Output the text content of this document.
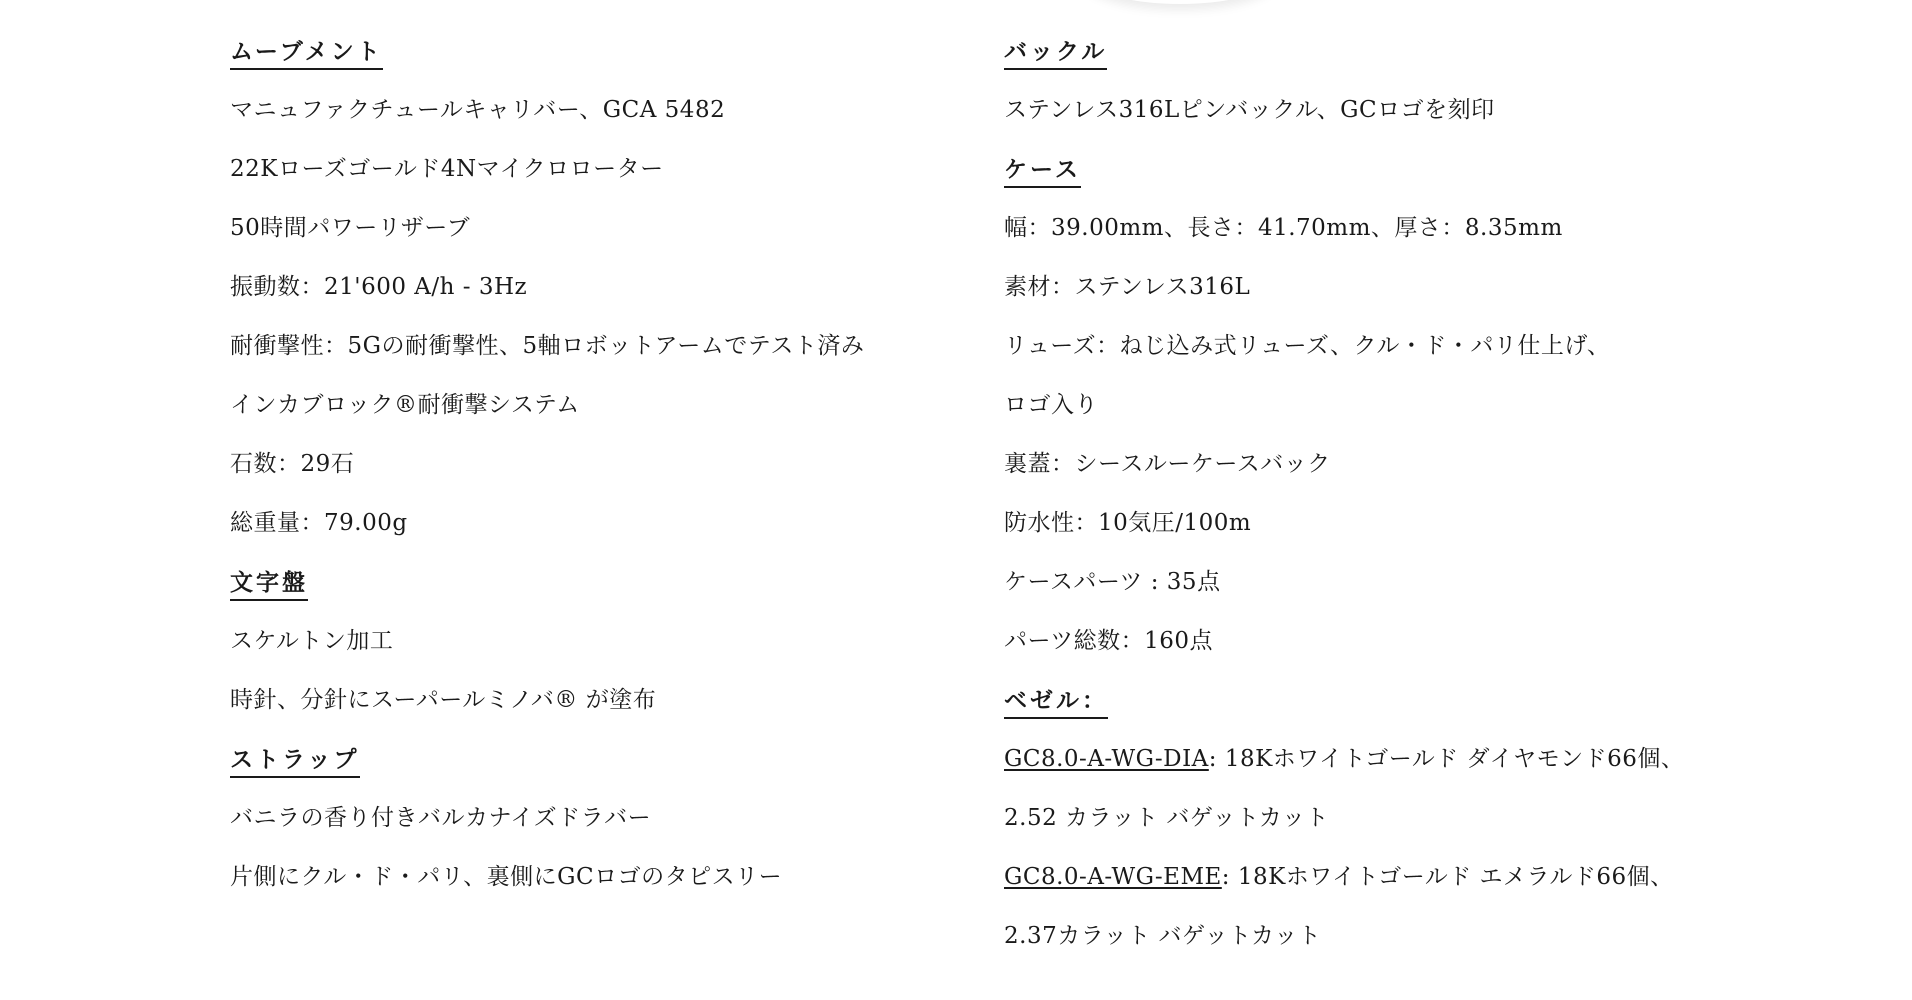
ムーブメント
マニュファクチュールキャリバー、GCA 5482
22Kローズゴールド4Nマイクロローター
50時間パワーリザーブ
振動数：21'600 A/h - 3Hz
耐衝撃性：5Gの耐衝撃性、5軸ロボットアームでテスト済み
インカブロック®耐衝撃システム
石数：29石
総重量：79.00g
文字盤
スケルトン加工
時針、分針にスーパールミノバ® が塗布
ストラップ
バニラの香り付きバルカナイズドラバー
片側にクル・ド・パリ、裏側にGCロゴのタピスリー
バックル
ステンレス316Lピンバックル、GCロゴを刻印
ケース
幅：39.00mm、長さ：41.70mm、厚さ：8.35mm
素材：ステンレス316L
リューズ：ねじ込み式リューズ、クル・ド・パリ仕上げ、
ロゴ入り
裏蓋：シースルーケースバック
防水性：10気圧/100m
ケースパーツ : 35点
パーツ総数：160点
ベゼル：
GC8.0-A-WG-DIA: 18Kホワイトゴールド ダイヤモンド66個、
2.52 カラット バゲットカット
GC8.0-A-WG-EME: 18Kホワイトゴールド エメラルド66個、
2.37カラット バゲットカット
